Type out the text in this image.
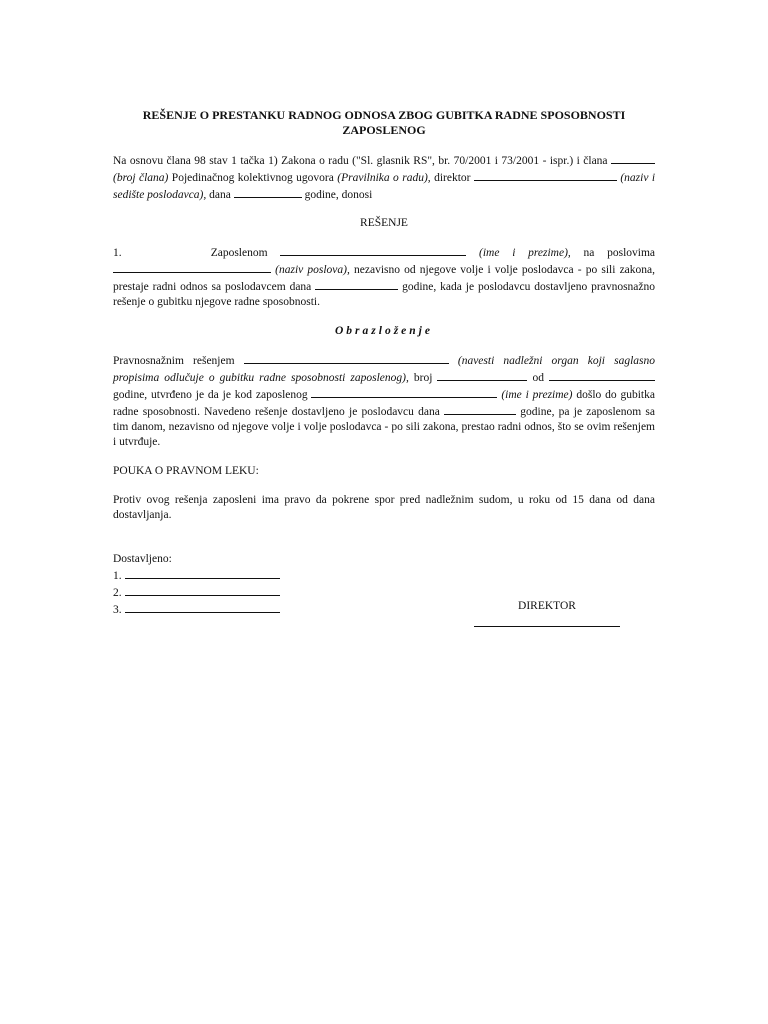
REŠENJE O PRESTANKU RADNOG ODNOSA ZBOG GUBITKA RADNE SPOSOBNOSTI
ZAPOSLENOG

Na osnovu člana 98 stav 1 tačka 1) Zakona o radu ("Sl. glasnik RS", br. 70/2001 i 73/2001 - ispr.) i člana  (broj člana) Pojedinačnog kolektivnog ugovora (Pravilnika o radu), direktor	(naziv i sedište poslodavca), dana	godine, donosi

REŠENJE

1.	Zaposlenom	(ime i prezime), na poslovima  (naziv poslova), nezavisno od njegove volje i volje poslodavca - po sili zakona, prestaje radni odnos sa poslodavcem dana	godine, kada je poslodavcu dostavljeno pravnosnažno rešenje o gubitku njegove radne sposobnosti.

Obrazloženje

Pravnosnažnim rešenjem	(navesti nadležni organ koji saglasno propisima odlučuje o gubitku radne sposobnosti zaposlenog), broj	od  godine, utvrđeno je da je kod zaposlenog	(ime i prezime) došlo do gubitka radne sposobnosti. Navedeno rešenje dostavljeno je poslodavcu dana	godine, pa je zaposlenom sa tim danom, nezavisno od njegove volje i volje poslodavca - po sili zakona, prestao radni odnos, što se ovim rešenjem i utvrđuje.

POUKA O PRAVNOM LEKU:

Protiv ovog rešenja zaposleni ima pravo da pokrene spor pred nadležnim sudom, u roku od 15 dana od dana dostavljanja.

Dostavljeno:

1.

2.

3.	DIREKTOR
